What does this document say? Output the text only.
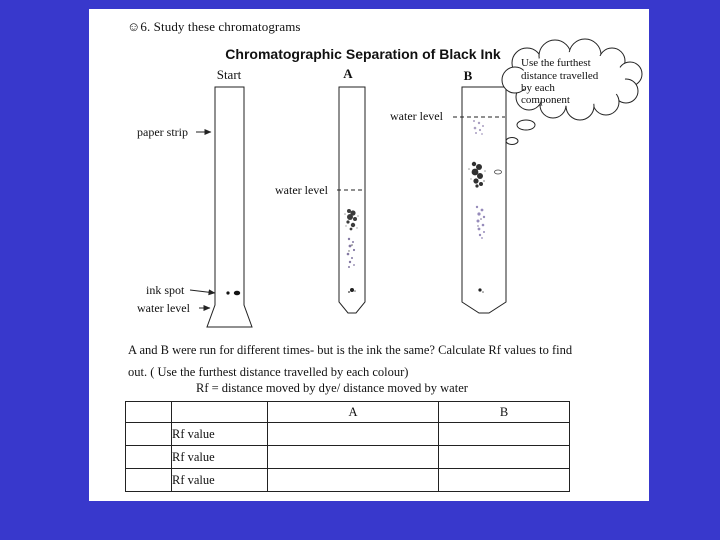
☺6. Study these chromatograms
Chromatographic Separation of Black Ink
Start	A	B
paper strip
ink spot
water level
water level
water level
Use the furthest
distance travelled
by each
component
A and B were run for different times- but is the ink the same? Calculate Rf values to find
out. ( Use the furthest distance travelled by each colour)
Rf = distance moved by dye/ distance moved by water
		A	B
	Rf value		
	Rf value		
	Rf value		
